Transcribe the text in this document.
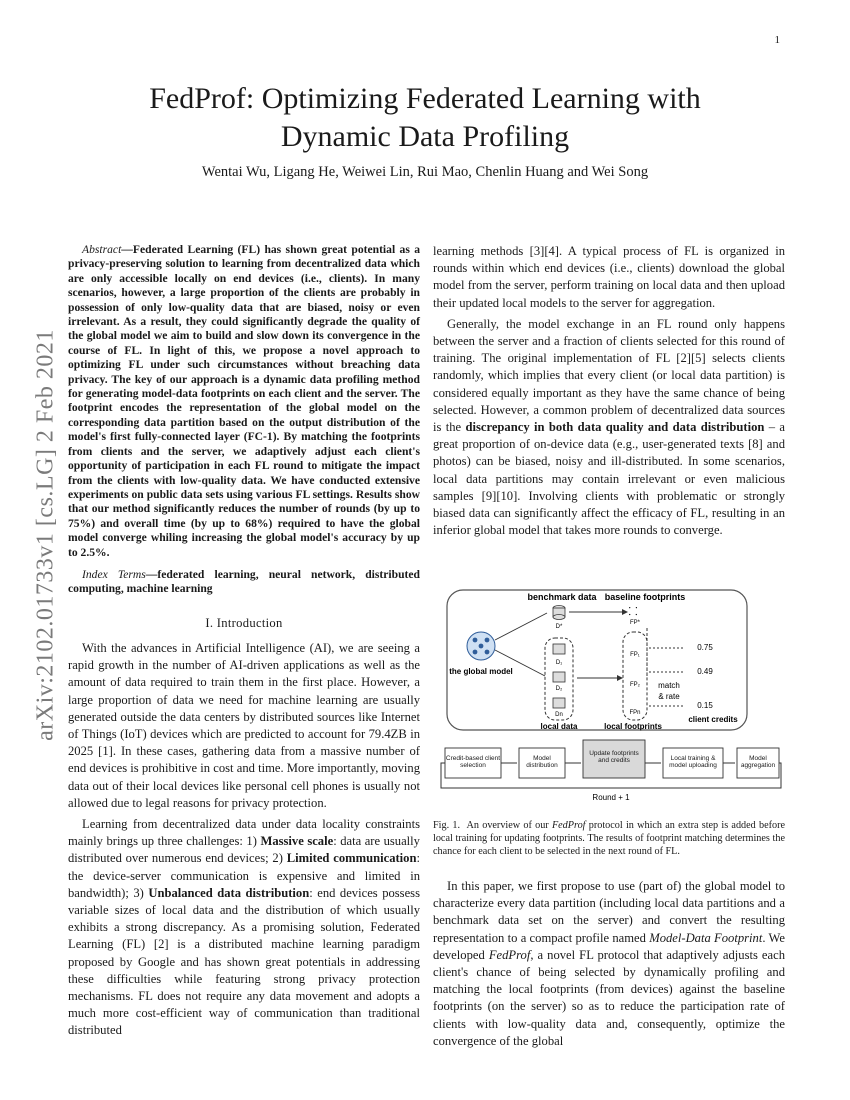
1
FedProf: Optimizing Federated Learning with Dynamic Data Profiling
Wentai Wu, Ligang He, Weiwei Lin, Rui Mao, Chenlin Huang and Wei Song
arXiv:2102.01733v1 [cs.LG] 2 Feb 2021

Abstract—Federated Learning (FL) has shown great potential as a privacy-preserving solution to learning from decentralized data which are only accessible locally on end devices (i.e., clients). In many scenarios, however, a large proportion of the clients are probably in possession of only low-quality data that are biased, noisy or even irrelevant. As a result, they could significantly degrade the quality of the global model we aim to build and slow down its convergence in the course of FL. In light of this, we propose a novel approach to optimizing FL under such circumstances without breaching data privacy. The key of our approach is a dynamic data profiling method for generating model-data footprints on each client and the server. The footprint encodes the representation of the global model on the corresponding data partition based on the output distribution of the model's first fully-connected layer (FC-1). By matching the footprints from clients and the server, we adaptively adjust each client's opportunity of participation in each FL round to mitigate the impact from the clients with low-quality data. We have conducted extensive experiments on public data sets using various FL settings. Results show that our method significantly reduces the number of rounds (by up to 75%) and overall time (by up to 68%) required to have the global model converge whiling increasing the global model's accuracy by up to 2.5%.

Index Terms—federated learning, neural network, distributed computing, machine learning

I. Introduction

With the advances in Artificial Intelligence (AI), we are seeing a rapid growth in the number of AI-driven applications as well as the amount of data required to train them in the first place. However, a large proportion of data we need for machine learning are usually generated outside the data centers by distributed sources like Internet of Things (IoT) devices which are predicted to account for 79.4ZB in 2025 [1]. In these cases, gathering data from a massive number of end devices is prohibitive in cost and time. More importantly, moving data out of their local devices like personal cell phones is usually not allowed due to legal reasons for privacy protection.

Learning from decentralized data under data locality constraints mainly brings up three challenges: 1) Massive scale: data are usually distributed over numerous end devices; 2) Limited communication: the device-server communication is expensive and limited in bandwidth); 3) Unbalanced data distribution: end devices possess variable sizes of local data and the distribution of which usually exhibits a strong discrepancy. As a promising solution, Federated Learning (FL) [2] is a distributed machine learning paradigm proposed by Google and has shown great potentials in addressing these difficulties while featuring strong privacy protection mechanisms. FL does not require any data movement and adopts a much more cost-efficient way of communication than traditional distributed

learning methods [3][4]. A typical process of FL is organized in rounds within which end devices (i.e., clients) download the global model from the server, perform training on local data and then upload their updated local models to the server for aggregation.

Generally, the model exchange in an FL round only happens between the server and a fraction of clients selected for this round of training. The original implementation of FL [2][5] selects clients randomly, which implies that every client (or local data partition) is considered equally important as they have the same chance of being selected. However, a common problem of decentralized data sources is the discrepancy in both data quality and data distribution – a great proportion of on-device data (e.g., user-generated texts [8] and photos) can be biased, noisy and ill-distributed. In some scenarios, local data partitions may contain irrelevant or even malicious samples [9][10]. Involving clients with problematic or strongly biased data can significantly affect the efficacy of FL, resulting in an inferior global model that takes more rounds to converge.

benchmark data baseline footprints
D*
⸬
FP*
the global model
D₁
D₂
Dn
FP₁
FP₂
FPn
match
& rate
0.75
0.49
0.15
local data	local footprints
client credits
Round + 1
Credit-based client selection
Model distribution
Update footprints and credits	Local training & model uploading
Model aggregation
Fig. 1. An overview of our FedProf protocol in which an extra step is added before local training for updating footprints. The results of footprint matching determines the chance for each client to be selected in the next round of FL.

In this paper, we first propose to use (part of) the global model to characterize every data partition (including local data partitions and a benchmark data set on the server) and convert the resulting representation to a compact profile named Model-Data Footprint. We developed FedProf, a novel FL protocol that adaptively adjusts each client's chance of being selected by dynamically profiling and matching the local footprints (from devices) against the baseline footprints (on the server) so as to reduce the participation rate of clients with low-quality data and, consequently, optimize the convergence of the global
